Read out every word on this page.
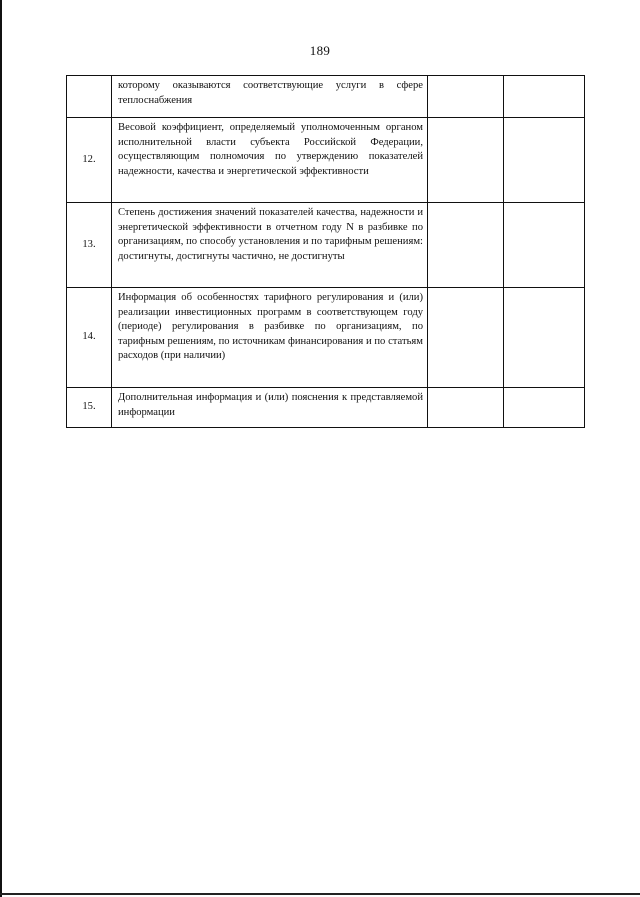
189
	которому оказываются соответствующие услуги в сфере теплоснабжения		
12.	Весовой коэффициент, определяемый уполномоченным органом исполнительной власти субъекта Российской Федерации, осуществляющим полномочия по утверждению показателей надежности, качества и энергетической эффективности		
13.	Степень достижения значений показателей качества, надежности и энергетической эффективности в отчетном году N в разбивке по организациям, по способу установления и по тарифным решениям: достигнуты, достигнуты частично, не достигнуты		
14.	Информация об особенностях тарифного регулирования и (или) реализации инвестиционных программ в соответствующем году (периоде) регулирования в разбивке по организациям, по тарифным решениям, по источникам финансирования и по статьям расходов (при наличии)		
15.	Дополнительная информация и (или) пояснения к представляемой информации		
